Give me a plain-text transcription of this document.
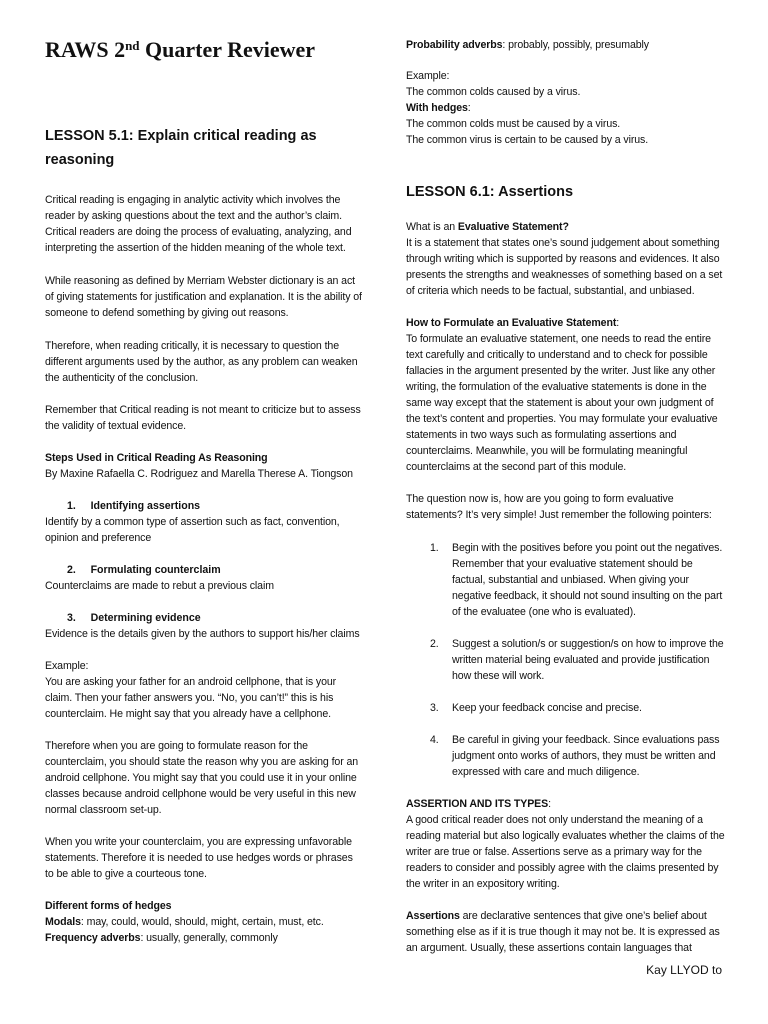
RAWS 2nd Quarter Reviewer
LESSON 5.1: Explain critical reading as reasoning

Critical reading is engaging in analytic activity which involves the reader by asking questions about the text and the author’s claim. Critical readers are doing the process of evaluating, analyzing, and interpreting the assertion of the hidden meaning of the whole text.

While reasoning as defined by Merriam Webster dictionary is an act of giving statements for justification and explanation. It is the ability of someone to defend something by giving out reasons.

Therefore, when reading critically, it is necessary to question the different arguments used by the author, as any problem can weaken the authenticity of the conclusion.

Remember that Critical reading is not meant to criticize but to assess the validity of textual evidence.

Steps Used in Critical Reading As Reasoning

By Maxine Rafaella C. Rodriguez and Marella Therese A. Tiongson

1. Identifying assertions

Identify by a common type of assertion such as fact, convention, opinion and preference

2. Formulating counterclaim

Counterclaims are made to rebut a previous claim

3. Determining evidence

Evidence is the details given by the authors to support his/her claims

Example:

You are asking your father for an android cellphone, that is your claim. Then your father answers you. “No, you can’t!” this is his counterclaim. He might say that you already have a cellphone.

Therefore when you are going to formulate reason for the counterclaim, you should state the reason why you are asking for an android cellphone. You might say that you could use it in your online classes because android cellphone would be very useful in this new normal classroom set-up.

When you write your counterclaim, you are expressing unfavorable statements. Therefore it is needed to use hedges words or phrases to be able to give a courteous tone.

Different forms of hedges

Modals: may, could, would, should, might, certain, must, etc.

Frequency adverbs: usually, generally, commonly

Probability adverbs: probably, possibly, presumably

Example:

The common colds caused by a virus.

With hedges:

The common colds must be caused by a virus.

The common virus is certain to be caused by a virus.

LESSON 6.1: Assertions

What is an Evaluative Statement?

It is a statement that states one’s sound judgement about something through writing which is supported by reasons and evidences. It also presents the strengths and weaknesses of something based on a set of criteria which needs to be factual, substantial, and unbiased.

How to Formulate an Evaluative Statement:

To formulate an evaluative statement, one needs to read the entire text carefully and critically to understand and to check for possible fallacies in the argument presented by the writer. Just like any other writing, the formulation of the evaluative statements is done in the same way except that the statement is about your own judgment of the text’s content and properties. You may formulate your evaluative statements in two ways such as formulating assertions and counterclaims. Meanwhile, you will be formulating meaningful counterclaims at the second part of this module.

The question now is, how are you going to form evaluative statements? It’s very simple! Just remember the following pointers:

1. Begin with the positives before you point out the negatives. Remember that your evaluative statement should be factual, substantial and unbiased. When giving your negative feedback, it should not sound insulting on the part of the evaluatee (one who is evaluated).
2. Suggest a solution/s or suggestion/s on how to improve the written material being evaluated and provide justification how these will work.
3. Keep your feedback concise and precise.
4. Be careful in giving your feedback. Since evaluations pass judgment onto works of authors, they must be written and expressed with care and much diligence.

ASSERTION AND ITS TYPES:

A good critical reader does not only understand the meaning of a reading material but also logically evaluates whether the claims of the writer are true or false. Assertions serve as a primary way for the readers to consider and possibly agree with the claims presented by the writer in an expository writing.

Assertions are declarative sentences that give one’s belief about something else as if it is true though it may not be. It is expressed as an argument. Usually, these assertions contain languages that

Kay LLYOD to
